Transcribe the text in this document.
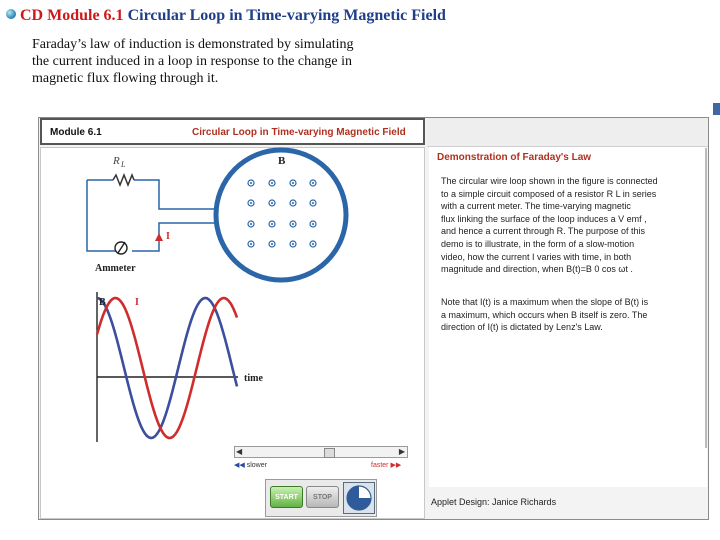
CD Module 6.1 Circular Loop in Time-varying Magnetic Field
Faraday’s law of induction is demonstrated by simulating
the current induced in a loop in response to the change in
magnetic flux flowing through it.
Module 6.1	Circular Loop in Time-varying Magnetic Field
R L
Ammeter
I
B
B	I
time
◀	▶
◀◀ slower	faster ▶▶
START	STOP
Demonstration of Faraday's Law
The circular wire loop shown in the figure is connected
to a simple circuit composed of a resistor R L in series
with a current meter. The time-varying magnetic
flux linking the surface of the loop induces a V emf ,
and hence a current through R. The purpose of this
demo is to illustrate, in the form of a slow-motion
video, how the current I varies with time, in both
magnitude and direction, when B(t)=B 0 cos ωt .
Note that I(t) is a maximum when the slope of B(t) is
a maximum, which occurs when B itself is zero. The
direction of I(t) is dictated by Lenz's Law.
Applet Design: Janice Richards
